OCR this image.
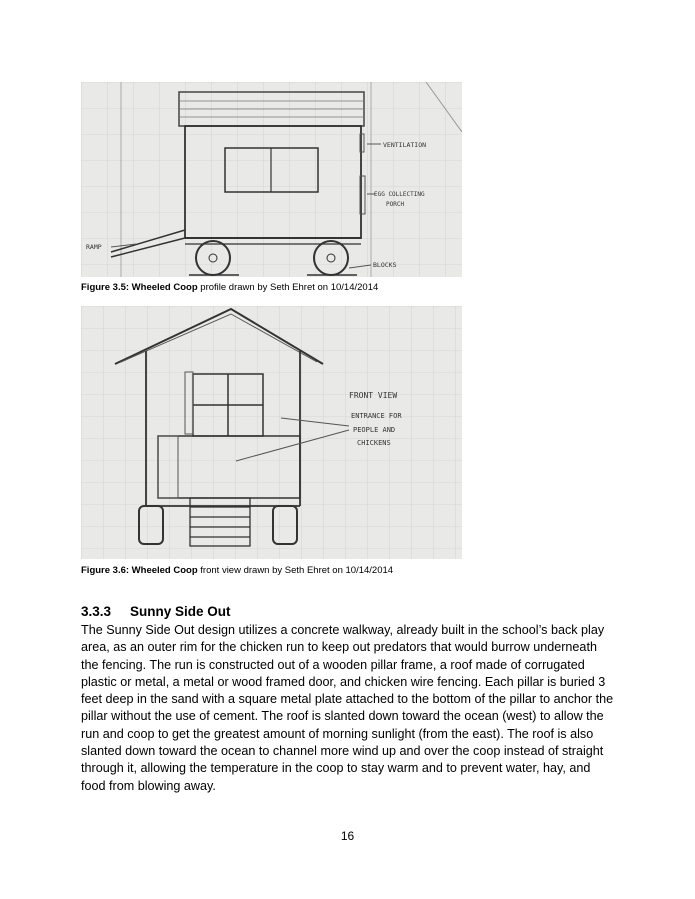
VENTILATION
EGG COLLECTING
PORCH
RAMP
BLOCKS
Figure 3.5: Wheeled Coop profile drawn by Seth Ehret on 10/14/2014
FRONT VIEW
ENTRANCE FOR
PEOPLE AND
CHICKENS
Figure 3.6: Wheeled Coop front view drawn by Seth Ehret on 10/14/2014
3.3.3 Sunny Side Out
The Sunny Side Out design utilizes a concrete walkway, already built in the school’s back play
area, as an outer rim for the chicken run to keep out predators that would burrow underneath
the fencing. The run is constructed out of a wooden pillar frame, a roof made of corrugated
plastic or metal, a metal or wood framed door, and chicken wire fencing. Each pillar is buried 3
feet deep in the sand with a square metal plate attached to the bottom of the pillar to anchor the
pillar without the use of cement. The roof is slanted down toward the ocean (west) to allow the
run and coop to get the greatest amount of morning sunlight (from the east). The roof is also
slanted down toward the ocean to channel more wind up and over the coop instead of straight
through it, allowing the temperature in the coop to stay warm and to prevent water, hay, and
food from blowing away.
16
